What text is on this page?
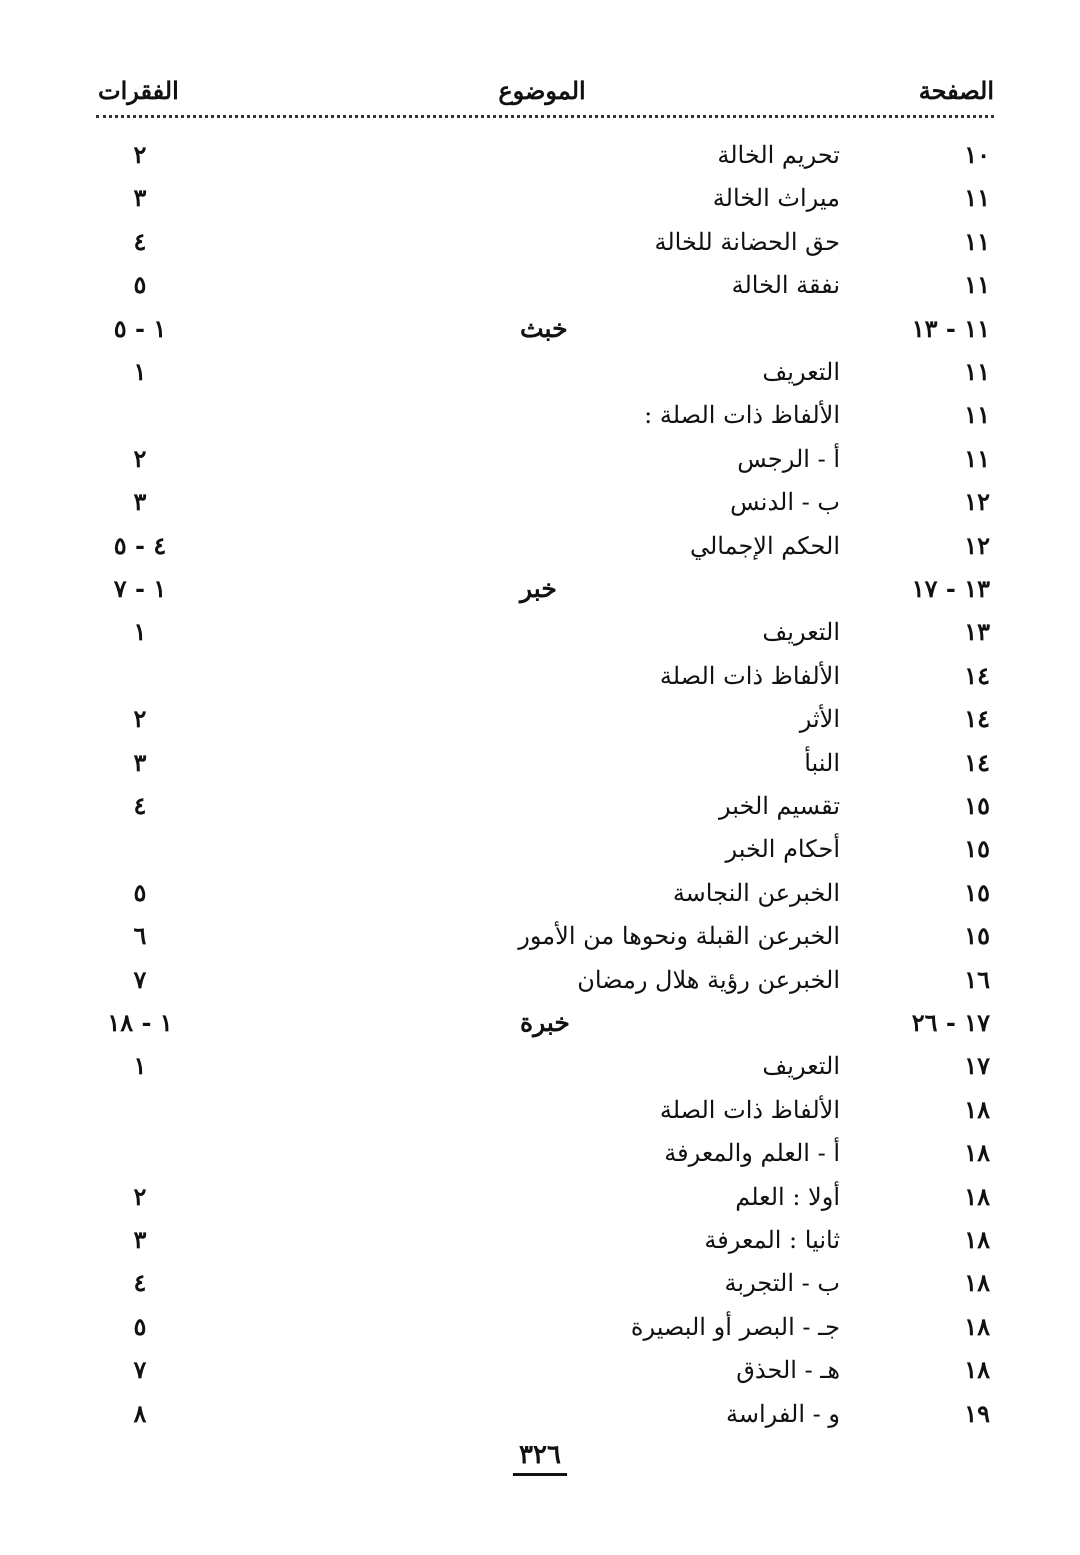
الصفحة
الموضوع
الفقرات
١٠
تحريم الخالة
٢
١١
ميراث الخالة
٣
١١
حق الحضانة للخالة
٤
١١
نفقة الخالة
٥
١١ - ١٣
خبث
١ - ٥
١١
التعريف
١
١١
الألفاظ ذات الصلة :
١١
أ - الرجس
٢
١٢
ب - الدنس
٣
١٢
الحكم الإجمالي
٤ - ٥
١٣ - ١٧
خبر
١ - ٧
١٣
التعريف
١
١٤
الألفاظ ذات الصلة
١٤
الأثر
٢
١٤
النبأ
٣
١٥
تقسيم الخبر
٤
١٥
أحكام الخبر
١٥
الخبرعن النجاسة
٥
١٥
الخبرعن القبلة ونحوها من الأمور
٦
١٦
الخبرعن رؤية هلال رمضان
٧
١٧ - ٢٦
خبرة
١ - ١٨
١٧
التعريف
١
١٨
الألفاظ ذات الصلة
١٨
أ - العلم والمعرفة
١٨
أولا : العلم
٢
١٨
ثانيا : المعرفة
٣
١٨
ب - التجربة
٤
١٨
جـ - البصر أو البصيرة
٥
١٨
هـ - الحذق
٧
١٩
و - الفراسة
٨
٣٢٦
